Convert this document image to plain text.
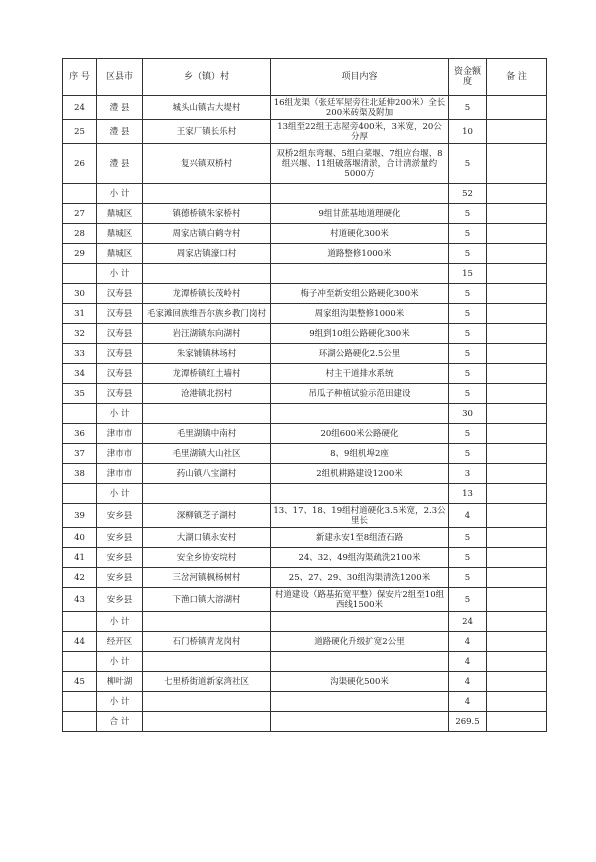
序 号	区县市	乡（镇）村	项目内容	资金额度	备 注
24	澧 县	城头山镇古大堤村	16组龙渠（张廷军屋旁往北延伸200米）全长200米砖渠及附加	5	
25	澧 县	王家厂镇长乐村	13组至22组王志屋旁400米，3米宽，20公分厚	10	
26	澧 县	复兴镇双桥村	双桥2组东弯堰、5组白菜堰、7组应台堰、8组兴堰、11组破落堰清淤，合计清淤量约5000方	5	
	小 计			52	
27	鼎城区	镇德桥镇朱家桥村	9组甘蔗基地道理硬化	5	
28	鼎城区	周家店镇白鹤寺村	村道硬化300米	5	
29	鼎城区	周家店镇濠口村	道路整修1000米	5	
	小 计			15	
30	汉寿县	龙潭桥镇长茂岭村	梅子冲至新安组公路硬化300米	5	
31	汉寿县	毛家滩回族维吾尔族乡教门岗村	周家组沟渠整修1000米	5	
32	汉寿县	岩汪湖镇东向湖村	9组到10组公路硬化300米	5	
33	汉寿县	朱家铺镇林场村	环湖公路硬化2.5公里	5	
34	汉寿县	龙潭桥镇红土墙村	村主干道排水系统	5	
35	汉寿县	沧港镇北拐村	吊瓜子种植试验示范田建设	5	
	小 计			30	
36	津市市	毛里湖镇中南村	20组600米公路硬化	5	
37	津市市	毛里湖镇大山社区	8、9组机埠2座	5	
38	津市市	药山镇八宝湖村	2组机耕路建设1200米	3	
	小 计			13	
39	安乡县	深柳镇芝子湖村	13、17、18、19组村道硬化3.5米宽，2.3公里长	4	
40	安乡县	大湖口镇永安村	新建永安1至8组渣石路	5	
41	安乡县	安全乡协安垸村	24、32、49组沟渠疏洗2100米	5	
42	安乡县	三岔河镇枫杨树村	25、27、29、30组沟渠清洗1200米	5	
43	安乡县	下渔口镇大溶湖村	村道建设（路基拓宽平整）保安片2组至10组西线1500米	5	
	小 计			24	
44	经开区	石门桥镇青龙岗村	道路硬化升级扩宽2公里	4	
	小 计			4	
45	柳叶湖	七里桥街道新家湾社区	沟渠硬化500米	4	
	小 计			4	
	合 计			269.5	
